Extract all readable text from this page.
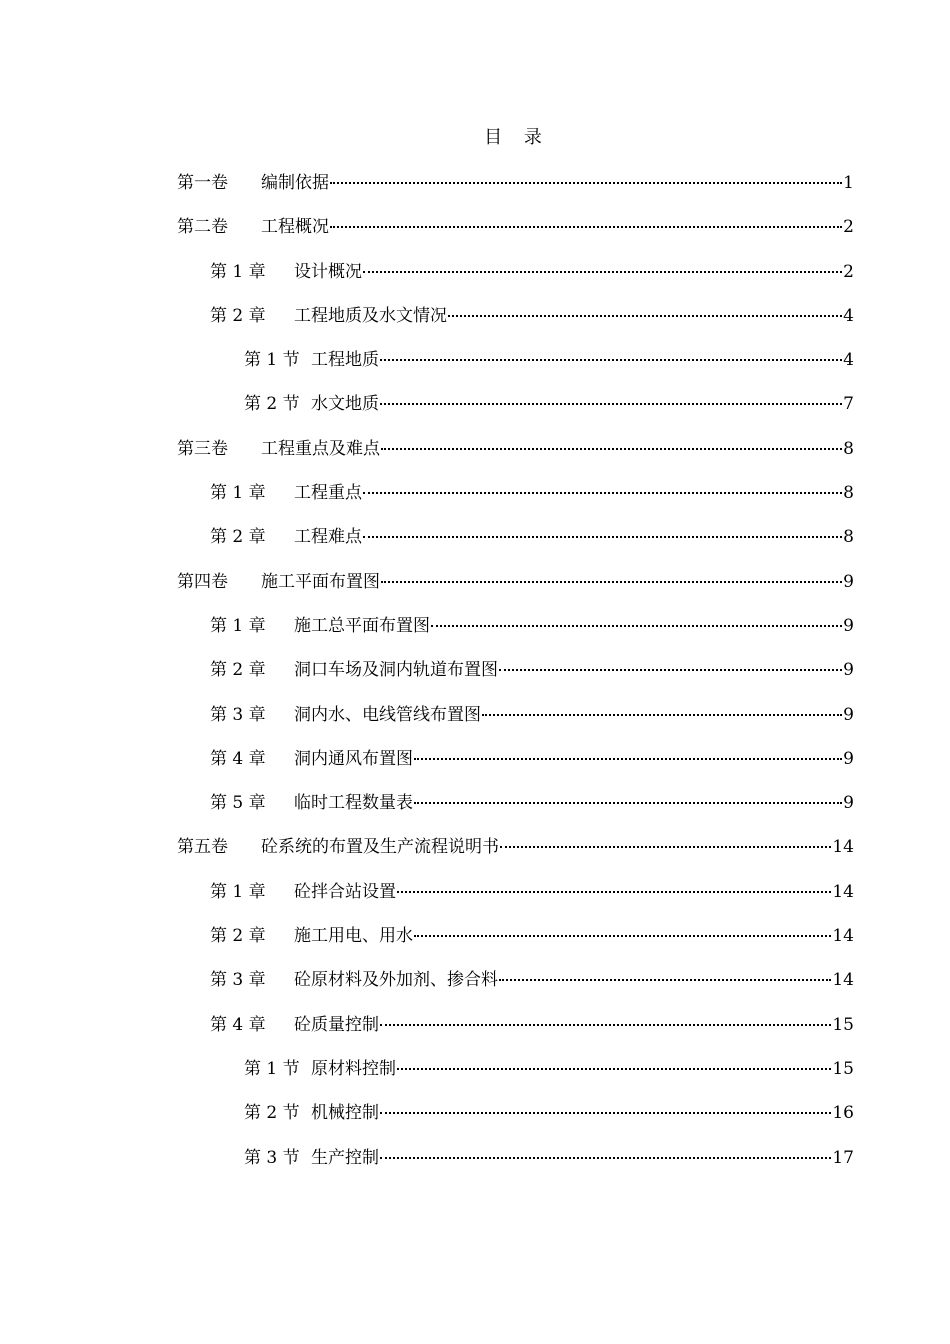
目 录
第一卷	编制依据	1
第二卷	工程概况	2
第 1 章	设计概况	2
第 2 章	工程地质及水文情况	4
第 1 节 工程地质	4
第 2 节 水文地质	7
第三卷	工程重点及难点	8
第 1 章	工程重点	8
第 2 章	工程难点	8
第四卷	施工平面布置图	9
第 1 章	施工总平面布置图	9
第 2 章	洞口车场及洞内轨道布置图	9
第 3 章	洞内水、电线管线布置图	9
第 4 章	洞内通风布置图	9
第 5 章	临时工程数量表	9
第五卷	砼系统的布置及生产流程说明书	14
第 1 章	砼拌合站设置	14
第 2 章	施工用电、用水	14
第 3 章	砼原材料及外加剂、掺合料	14
第 4 章	砼质量控制	15
第 1 节 原材料控制	15
第 2 节 机械控制	16
第 3 节 生产控制	17
